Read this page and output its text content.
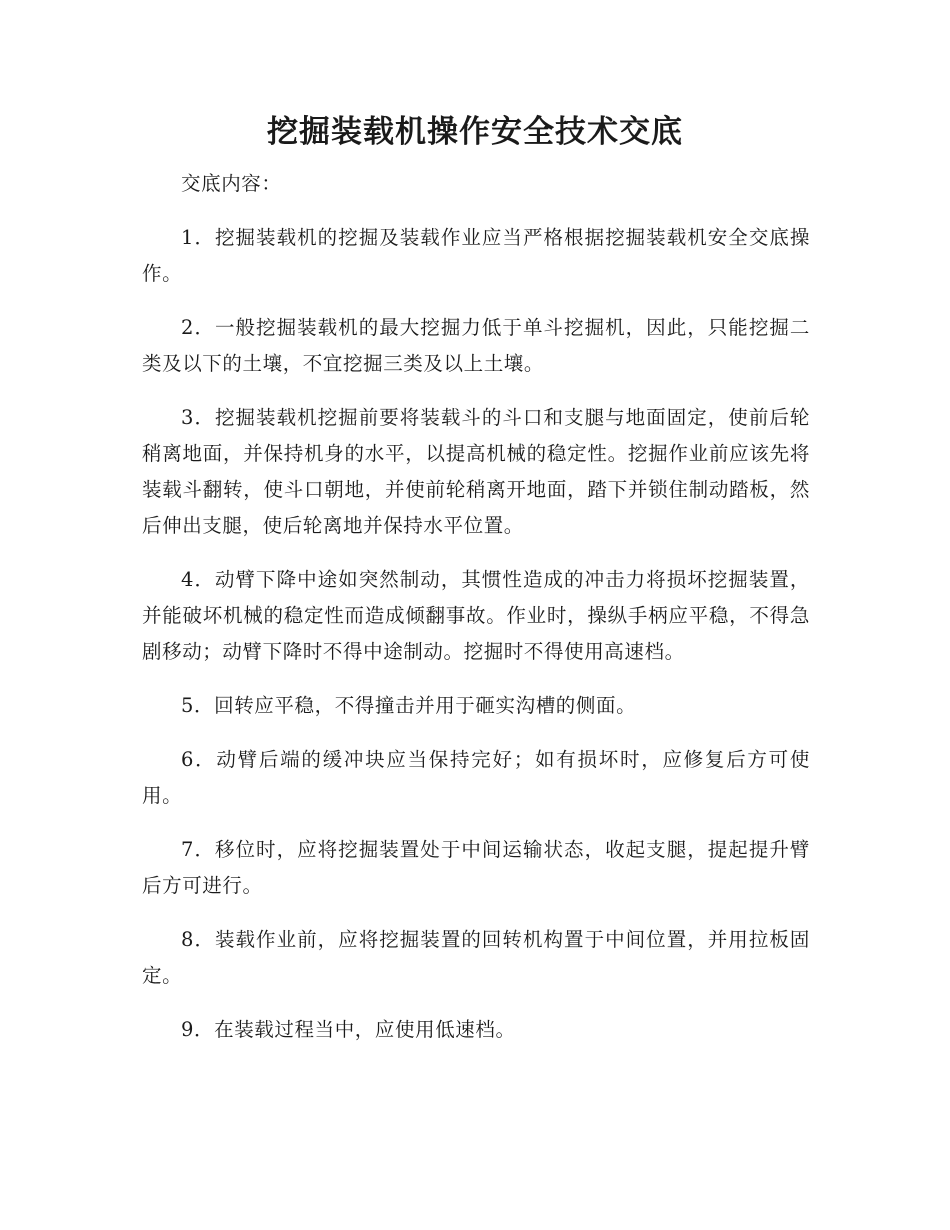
挖掘装载机操作安全技术交底

交底内容：

1．挖掘装载机的挖掘及装载作业应当严格根据挖掘装载机安全交底操作。

2．一般挖掘装载机的最大挖掘力低于单斗挖掘机，因此，只能挖掘二类及以下的土壤，不宜挖掘三类及以上土壤。

3．挖掘装载机挖掘前要将装载斗的斗口和支腿与地面固定，使前后轮稍离地面，并保持机身的水平，以提高机械的稳定性。挖掘作业前应该先将装载斗翻转，使斗口朝地，并使前轮稍离开地面，踏下并锁住制动踏板，然后伸出支腿，使后轮离地并保持水平位置。

4．动臂下降中途如突然制动，其惯性造成的冲击力将损坏挖掘装置，并能破坏机械的稳定性而造成倾翻事故。作业时，操纵手柄应平稳，不得急剧移动；动臂下降时不得中途制动。挖掘时不得使用高速档。

5．回转应平稳，不得撞击并用于砸实沟槽的侧面。

6．动臂后端的缓冲块应当保持完好；如有损坏时，应修复后方可使用。

7．移位时，应将挖掘装置处于中间运输状态，收起支腿，提起提升臂后方可进行。

8．装载作业前，应将挖掘装置的回转机构置于中间位置，并用拉板固定。

9．在装载过程当中，应使用低速档。
